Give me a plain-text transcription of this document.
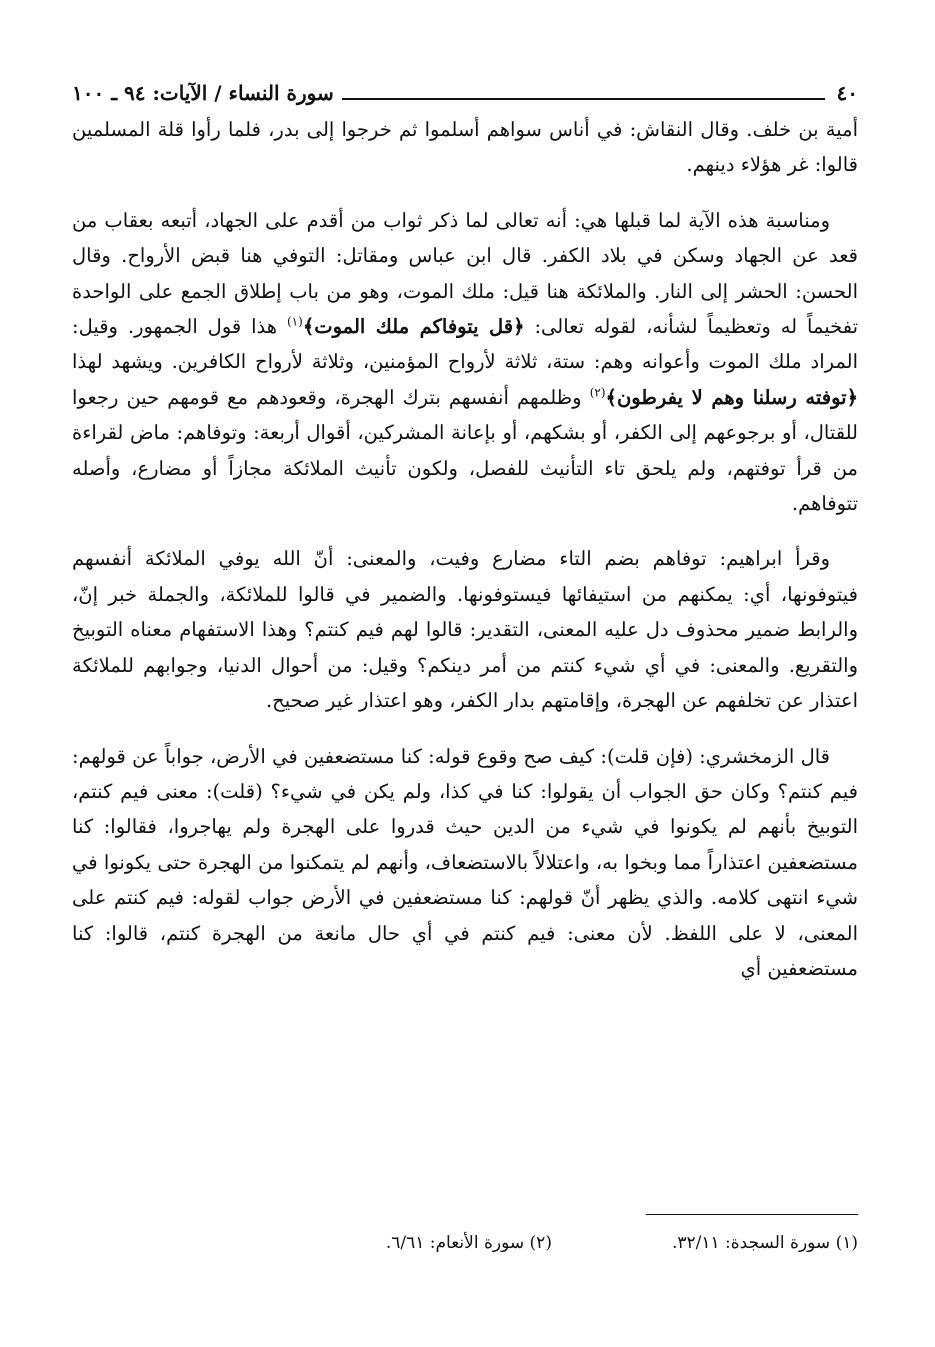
٤٠
سورة النساء / الآيات: ٩٤ ـ ١٠٠

أمية بن خلف. وقال النقاش: في أناس سواهم أسلموا ثم خرجوا إلى بدر، فلما رأوا قلة المسلمين قالوا: غر هؤلاء دينهم.

ومناسبة هذه الآية لما قبلها هي: أنه تعالى لما ذكر ثواب من أقدم على الجهاد، أتبعه بعقاب من قعد عن الجهاد وسكن في بلاد الكفر. قال ابن عباس ومقاتل: التوفي هنا قبض الأرواح. وقال الحسن: الحشر إلى النار. والملائكة هنا قيل: ملك الموت، وهو من باب إطلاق الجمع على الواحدة تفخيماً له وتعظيماً لشأنه، لقوله تعالى: ﴿قل يتوفاكم ملك الموت﴾$^{(١)}$ هذا قول الجمهور. وقيل: المراد ملك الموت وأعوانه وهم: ستة، ثلاثة لأرواح المؤمنين، وثلاثة لأرواح الكافرين. ويشهد لهذا ﴿توفته رسلنا وهم لا يفرطون﴾$^{(٢)}$ وظلمهم أنفسهم بترك الهجرة، وقعودهم مع قومهم حين رجعوا للقتال، أو برجوعهم إلى الكفر، أو بشكهم، أو بإعانة المشركين، أقوال أربعة: وتوفاهم: ماض لقراءة من قرأ توفتهم، ولم يلحق تاء التأنيث للفصل، ولكون تأنيث الملائكة مجازاً أو مضارع، وأصله تتوفاهم.

وقرأ ابراهيم: توفاهم بضم التاء مضارع وفيت، والمعنى: أنّ الله يوفي الملائكة أنفسهم فيتوفونها، أي: يمكنهم من استيفائها فيستوفونها. والضمير في قالوا للملائكة، والجملة خبر إنّ، والرابط ضمير محذوف دل عليه المعنى، التقدير: قالوا لهم فيم كنتم؟ وهذا الاستفهام معناه التوبيخ والتقريع. والمعنى: في أي شيء كنتم من أمر دينكم؟ وقيل: من أحوال الدنيا، وجوابهم للملائكة اعتذار عن تخلفهم عن الهجرة، وإقامتهم بدار الكفر، وهو اعتذار غير صحيح.

قال الزمخشري: (فإن قلت): كيف صح وقوع قوله: كنا مستضعفين في الأرض، جواباً عن قولهم: فيم كنتم؟ وكان حق الجواب أن يقولوا: كنا في كذا، ولم يكن في شيء؟ (قلت): معنى فيم كنتم، التوبيخ بأنهم لم يكونوا في شيء من الدين حيث قدروا على الهجرة ولم يهاجروا، فقالوا: كنا مستضعفين اعتذاراً مما وبخوا به، واعتلالاً بالاستضعاف، وأنهم لم يتمكنوا من الهجرة حتى يكونوا في شيء انتهى كلامه. والذي يظهر أنّ قولهم: كنا مستضعفين في الأرض جواب لقوله: فيم كنتم على المعنى، لا على اللفظ. لأن معنى: فيم كنتم في أي حال مانعة من الهجرة كنتم، قالوا: كنا مستضعفين أي

(١) سورة السجدة: ٣٢/١١.
(٢) سورة الأنعام: ٦/٦١.
